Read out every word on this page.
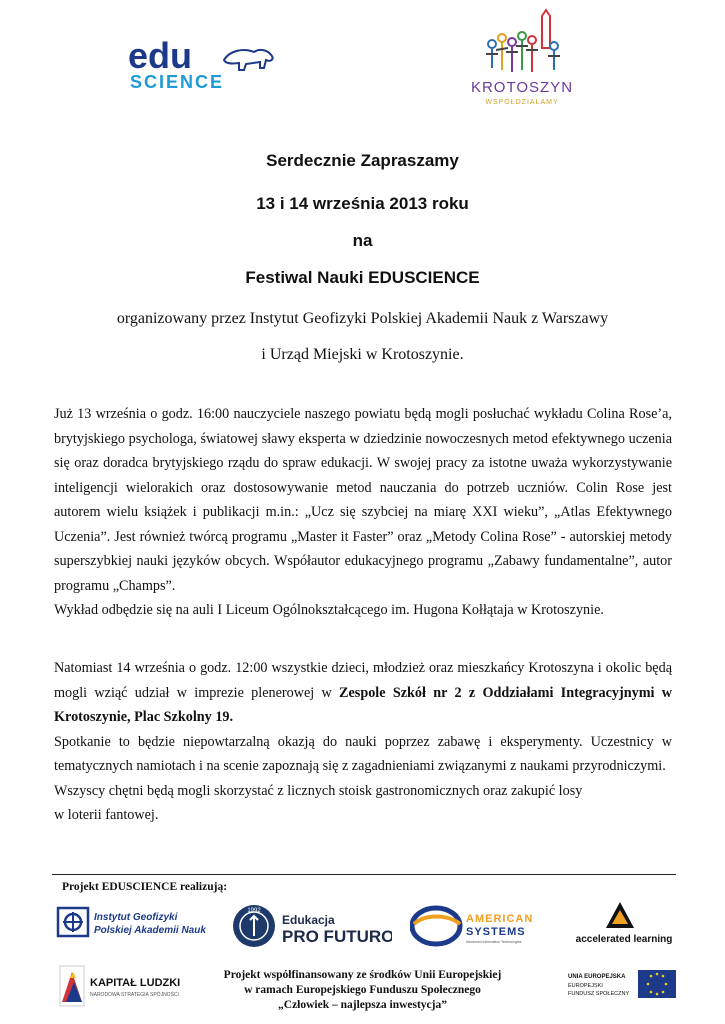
edu
SCIENCE	KROTOSZYN
WSPÓŁDZIAŁAMY
Serdecznie Zapraszamy
13 i 14 września 2013 roku
na
Festiwal Nauki EDUSCIENCE
organizowany przez Instytut Geofizyki Polskiej Akademii Nauk z Warszawy
i Urząd Miejski w Krotoszynie.

Już 13 września o godz. 16:00 nauczyciele naszego powiatu będą mogli posłuchać wykładu Colina Rose’a, brytyjskiego psychologa, światowej sławy eksperta w dziedzinie nowoczesnych metod efektywnego uczenia się oraz doradca brytyjskiego rządu do spraw edukacji. W swojej pracy za istotne uważa wykorzystywanie inteligencji wielorakich oraz dostosowywanie metod nauczania do potrzeb uczniów. Colin Rose jest autorem wielu książek i publikacji m.in.: „Ucz się szybciej na miarę XXI wieku”, „Atlas Efektywnego Uczenia”. Jest również twórcą programu „Master it Faster” oraz „Metody Colina Rose” - autorskiej metody superszybkiej nauki języków obcych. Współautor edukacyjnego programu „Zabawy fundamentalne”, autor programu „Champs”.

Wykład odbędzie się na auli I Liceum Ogólnokształcącego im. Hugona Kołłątaja w Krotoszynie.

Natomiast 14 września o godz. 12:00 wszystkie dzieci, młodzież oraz mieszkańcy Krotoszyna i okolic będą mogli wziąć udział w imprezie plenerowej w Zespole Szkół nr 2 z Oddziałami Integracyjnymi w Krotoszynie, Plac Szkolny 19.

Spotkanie to będzie niepowtarzalną okazją do nauki poprzez zabawę i eksperymenty. Uczestnicy w tematycznych namiotach i na scenie zapoznają się z zagadnieniami związanymi z naukami przyrodniczymi.

Wszyscy chętni będą mogli skorzystać z licznych stoisk gastronomicznych oraz zakupić losy

w loterii fantowej.

Projekt EDUSCIENCE realizują:
Instytut Geofizyki
Polskiej Akademii Nauk
1992
Edukacja
PRO FUTURO
AMERICAN
SYSTEMS
Advanced Information Technologies	accelerated learning
KAPITAŁ LUDZKI
NARODOWA STRATEGIA SPÓJNOŚCI
Projekt współfinansowany ze środków Unii Europejskiej
w ramach Europejskiego Funduszu Społecznego
„Człowiek – najlepsza inwestycja”
UNIA EUROPEJSKA
EUROPEJSKI
FUNDUSZ SPOŁECZNY
